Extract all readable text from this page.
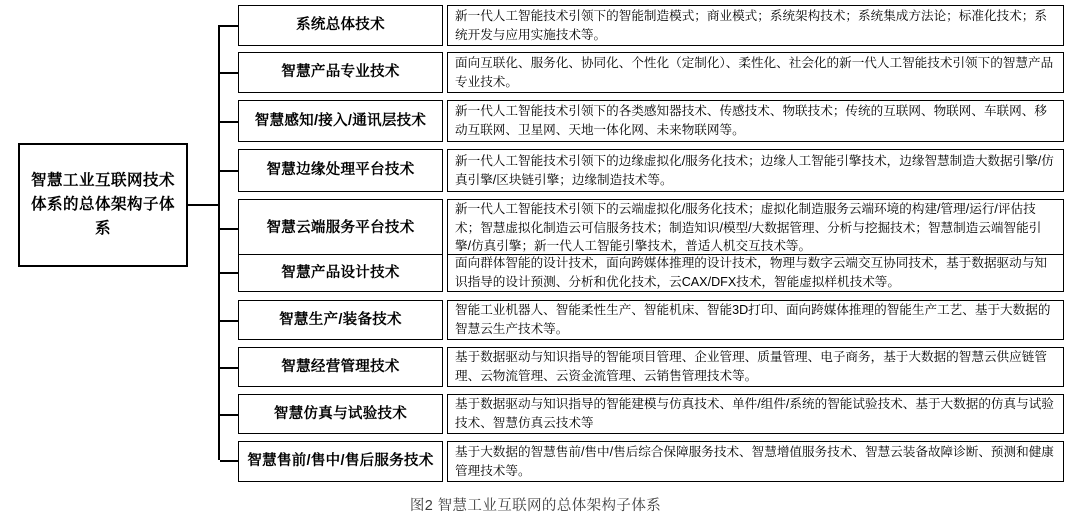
智慧工业互联网技术体系的总体架构子体系
系统总体技术
新一代人工智能技术引领下的智能制造模式；商业模式；系统架构技术；系统集成方法论；标准化技术；系统开发与应用实施技术等。
智慧产品专业技术
面向互联化、服务化、协同化、个性化（定制化）、柔性化、社会化的新一代人工智能技术引领下的智慧产品专业技术。
智慧感知/接入/通讯层技术
新一代人工智能技术引领下的各类感知器技术、传感技术、物联技术；传统的互联网、物联网、车联网、移动互联网、卫星网、天地一体化网、未来物联网等。
智慧边缘处理平台技术
新一代人工智能技术引领下的边缘虚拟化/服务化技术；边缘人工智能引擎技术，边缘智慧制造大数据引擎/仿真引擎/区块链引擎；边缘制造技术等。
智慧云端服务平台技术
新一代人工智能技术引领下的云端虚拟化/服务化技术；虚拟化制造服务云端环境的构建/管理/运行/评估技术；智慧虚拟化制造云可信服务技术；制造知识/模型/大数据管理、分析与挖掘技术；智慧制造云端智能引擎/仿真引擎；新一代人工智能引擎技术，普适人机交互技术等。
智慧产品设计技术
面向群体智能的设计技术，面向跨媒体推理的设计技术，物理与数字云端交互协同技术，基于数据驱动与知识指导的设计预测、分析和优化技术，云CAX/DFX技术，智能虚拟样机技术等。
智慧生产/装备技术
智能工业机器人、智能柔性生产、智能机床、智能3D打印、面向跨媒体推理的智能生产工艺、基于大数据的智慧云生产技术等。
智慧经营管理技术
基于数据驱动与知识指导的智能项目管理、企业管理、质量管理、电子商务，基于大数据的智慧云供应链管理、云物流管理、云资金流管理、云销售管理技术等。
智慧仿真与试验技术
基于数据驱动与知识指导的智能建模与仿真技术、单件/组件/系统的智能试验技术、基于大数据的仿真与试验技术、智慧仿真云技术等
智慧售前/售中/售后服务技术
基于大数据的智慧售前/售中/售后综合保障服务技术、智慧增值服务技术、智慧云装备故障诊断、预测和健康管理技术等。
图2 智慧工业互联网的总体架构子体系
